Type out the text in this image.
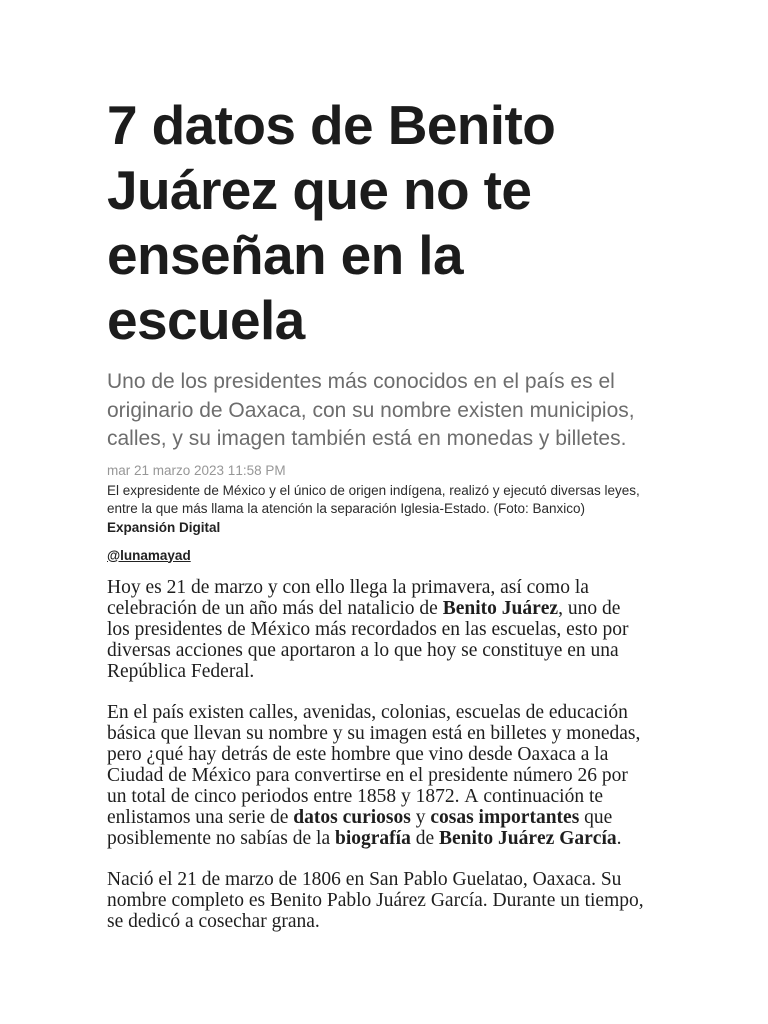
7 datos de Benito Juárez que no te enseñan en la escuela

Uno de los presidentes más conocidos en el país es el originario de Oaxaca, con su nombre existen municipios, calles, y su imagen también está en monedas y billetes.

mar 21 marzo 2023 11:58 PM
El expresidente de México y el único de origen indígena, realizó y ejecutó diversas leyes, entre la que más llama la atención la separación Iglesia-Estado. (Foto: Banxico)
Expansión Digital
@lunamayad

Hoy es 21 de marzo y con ello llega la primavera, así como la celebración de un año más del natalicio de Benito Juárez, uno de los presidentes de México más recordados en las escuelas, esto por diversas acciones que aportaron a lo que hoy se constituye en una República Federal.

En el país existen calles, avenidas, colonias, escuelas de educación básica que llevan su nombre y su imagen está en billetes y monedas, pero ¿qué hay detrás de este hombre que vino desde Oaxaca a la Ciudad de México para convertirse en el presidente número 26 por un total de cinco periodos entre 1858 y 1872. A continuación te enlistamos una serie de datos curiosos y cosas importantes que posiblemente no sabías de la biografía de Benito Juárez García.

Nació el 21 de marzo de 1806 en San Pablo Guelatao, Oaxaca. Su nombre completo es Benito Pablo Juárez García. Durante un tiempo, se dedicó a cosechar grana.
